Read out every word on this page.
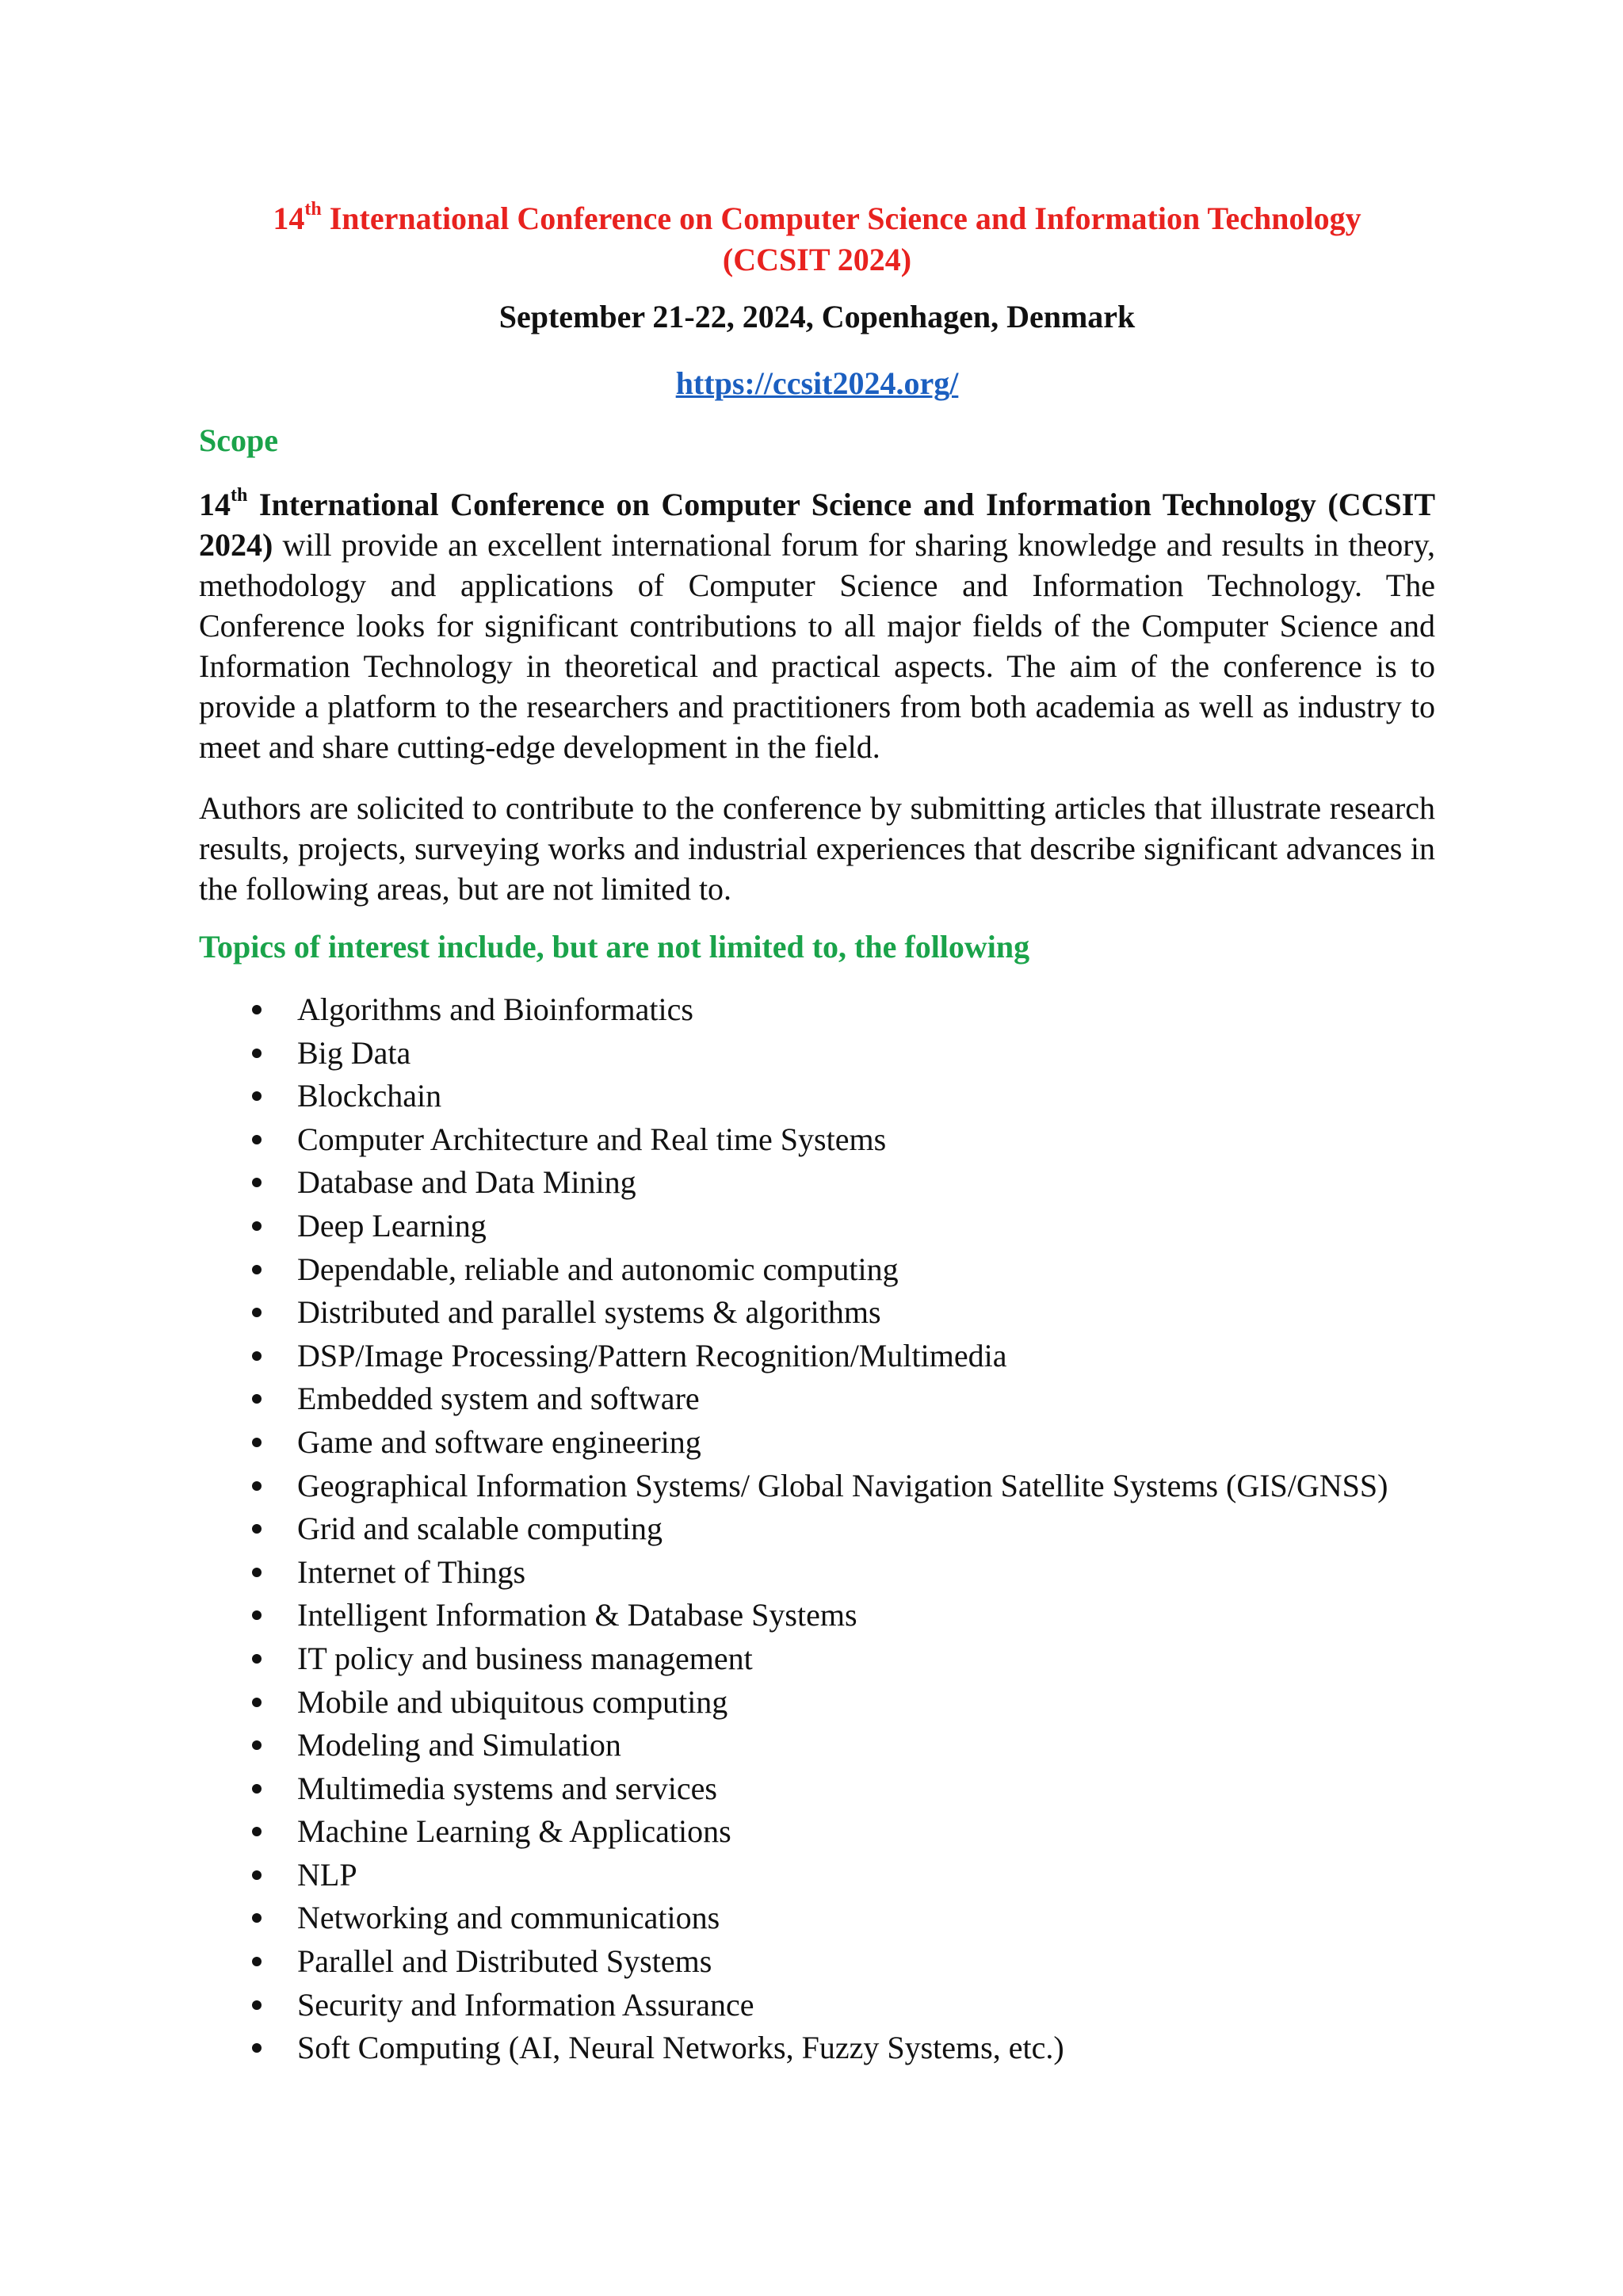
14th International Conference on Computer Science and Information Technology
(CCSIT 2024)
September 21-22, 2024, Copenhagen, Denmark
https://ccsit2024.org/
Scope
14th International Conference on Computer Science and Information Technology (CCSIT 2024) will provide an excellent international forum for sharing knowledge and results in theory, methodology and applications of Computer Science and Information Technology. The Conference looks for significant contributions to all major fields of the Computer Science and Information Technology in theoretical and practical aspects. The aim of the conference is to provide a platform to the researchers and practitioners from both academia as well as industry to meet and share cutting-edge development in the field.
Authors are solicited to contribute to the conference by submitting articles that illustrate research results, projects, surveying works and industrial experiences that describe significant advances in the following areas, but are not limited to.
Topics of interest include, but are not limited to, the following
Algorithms and Bioinformatics
Big Data
Blockchain
Computer Architecture and Real time Systems
Database and Data Mining
Deep Learning
Dependable, reliable and autonomic computing
Distributed and parallel systems & algorithms
DSP/Image Processing/Pattern Recognition/Multimedia
Embedded system and software
Game and software engineering
Geographical Information Systems/ Global Navigation Satellite Systems (GIS/GNSS)
Grid and scalable computing
Internet of Things
Intelligent Information & Database Systems
IT policy and business management
Mobile and ubiquitous computing
Modeling and Simulation
Multimedia systems and services
Machine Learning & Applications
NLP
Networking and communications
Parallel and Distributed Systems
Security and Information Assurance
Soft Computing (AI, Neural Networks, Fuzzy Systems, etc.)
